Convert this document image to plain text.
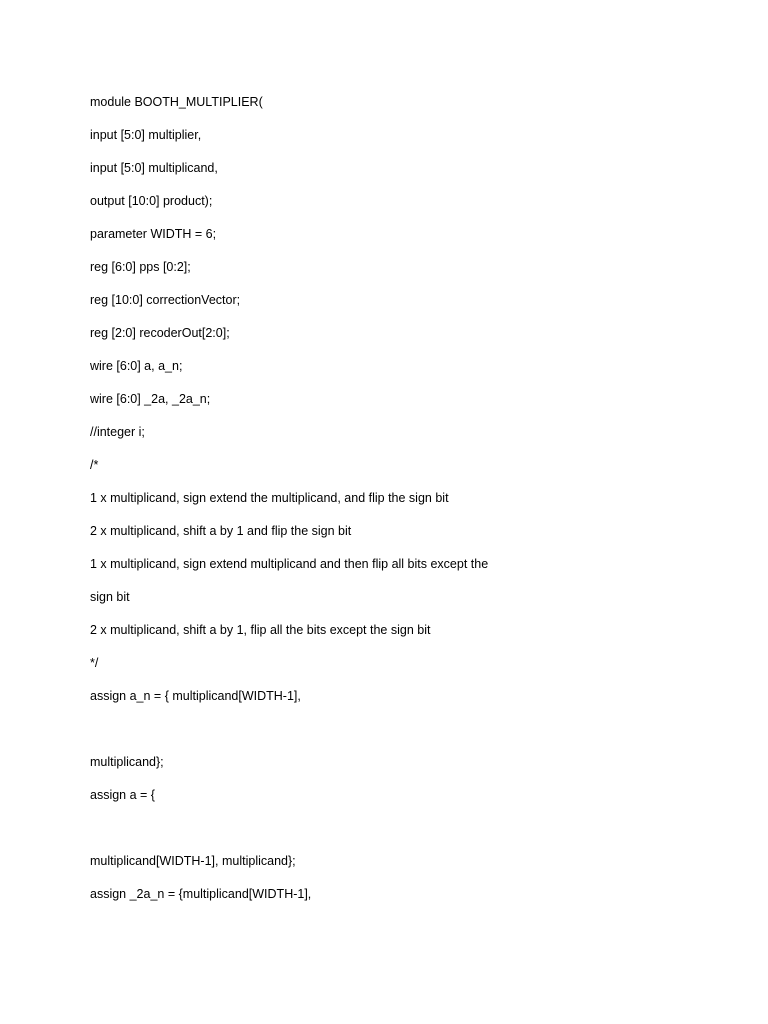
module BOOTH_MULTIPLIER(

input [5:0] multiplier,

input [5:0] multiplicand,

output [10:0] product);

parameter WIDTH = 6;

reg [6:0] pps [0:2];

reg [10:0] correctionVector;

reg [2:0] recoderOut[2:0];

wire [6:0] a, a_n;

wire [6:0] _2a, _2a_n;

//integer i;

/*

1 x multiplicand, sign extend the multiplicand, and flip the sign bit

2 x multiplicand, shift a by 1 and flip the sign bit

1 x multiplicand, sign extend multiplicand and then flip all bits except the

sign bit

2 x multiplicand, shift a by 1, flip all the bits except the sign bit

*/

assign a_n = { multiplicand[WIDTH-1],

multiplicand};

assign a = {

multiplicand[WIDTH-1], multiplicand};

assign _2a_n = {multiplicand[WIDTH-1],
